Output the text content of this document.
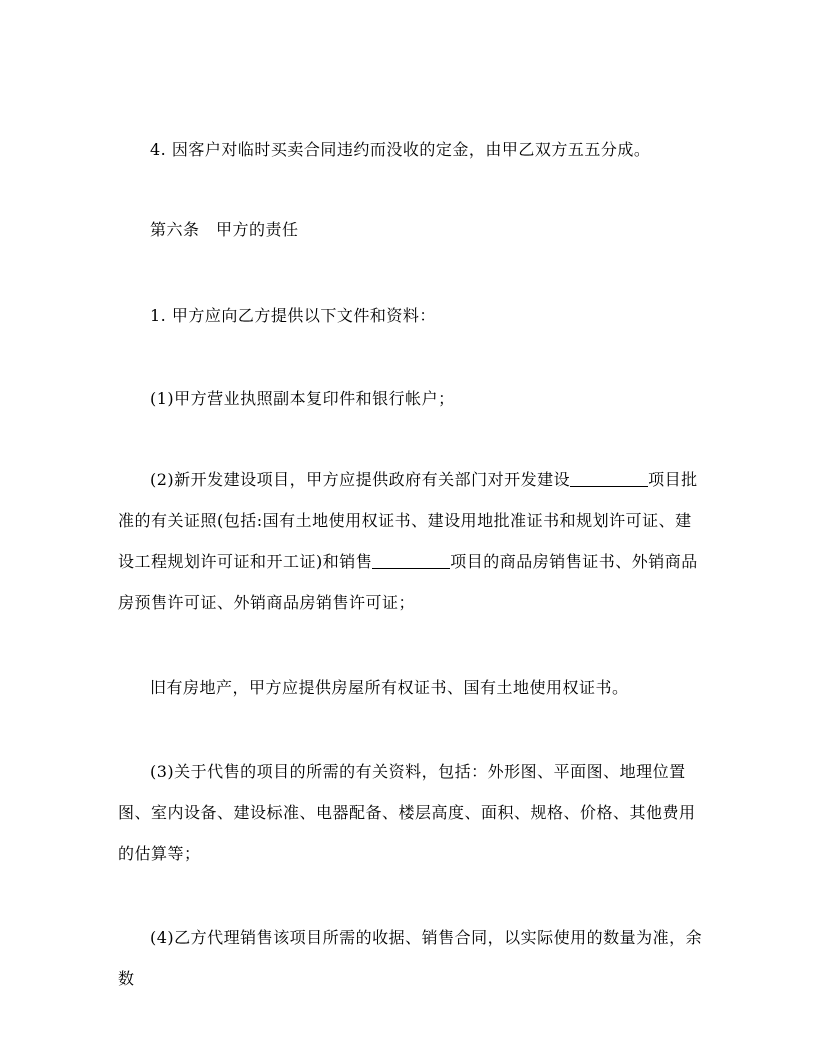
4. 因客户对临时买卖合同违约而没收的定金，由甲乙双方五五分成。

第六条　甲方的责任

1. 甲方应向乙方提供以下文件和资料：

(1)甲方营业执照副本复印件和银行帐户；

(2)新开发建设项目，甲方应提供政府有关部门对开发建设	项目批准的有关证照(包括:国有土地使用权证书、建设用地批准证书和规划许可证、建设工程规划许可证和开工证)和销售	项目的商品房销售证书、外销商品房预售许可证、外销商品房销售许可证；

旧有房地产，甲方应提供房屋所有权证书、国有土地使用权证书。

(3)关于代售的项目的所需的有关资料，包括：外形图、平面图、地理位置图、室内设备、建设标准、电器配备、楼层高度、面积、规格、价格、其他费用的估算等；

(4)乙方代理销售该项目所需的收据、销售合同，以实际使用的数量为准，余数
